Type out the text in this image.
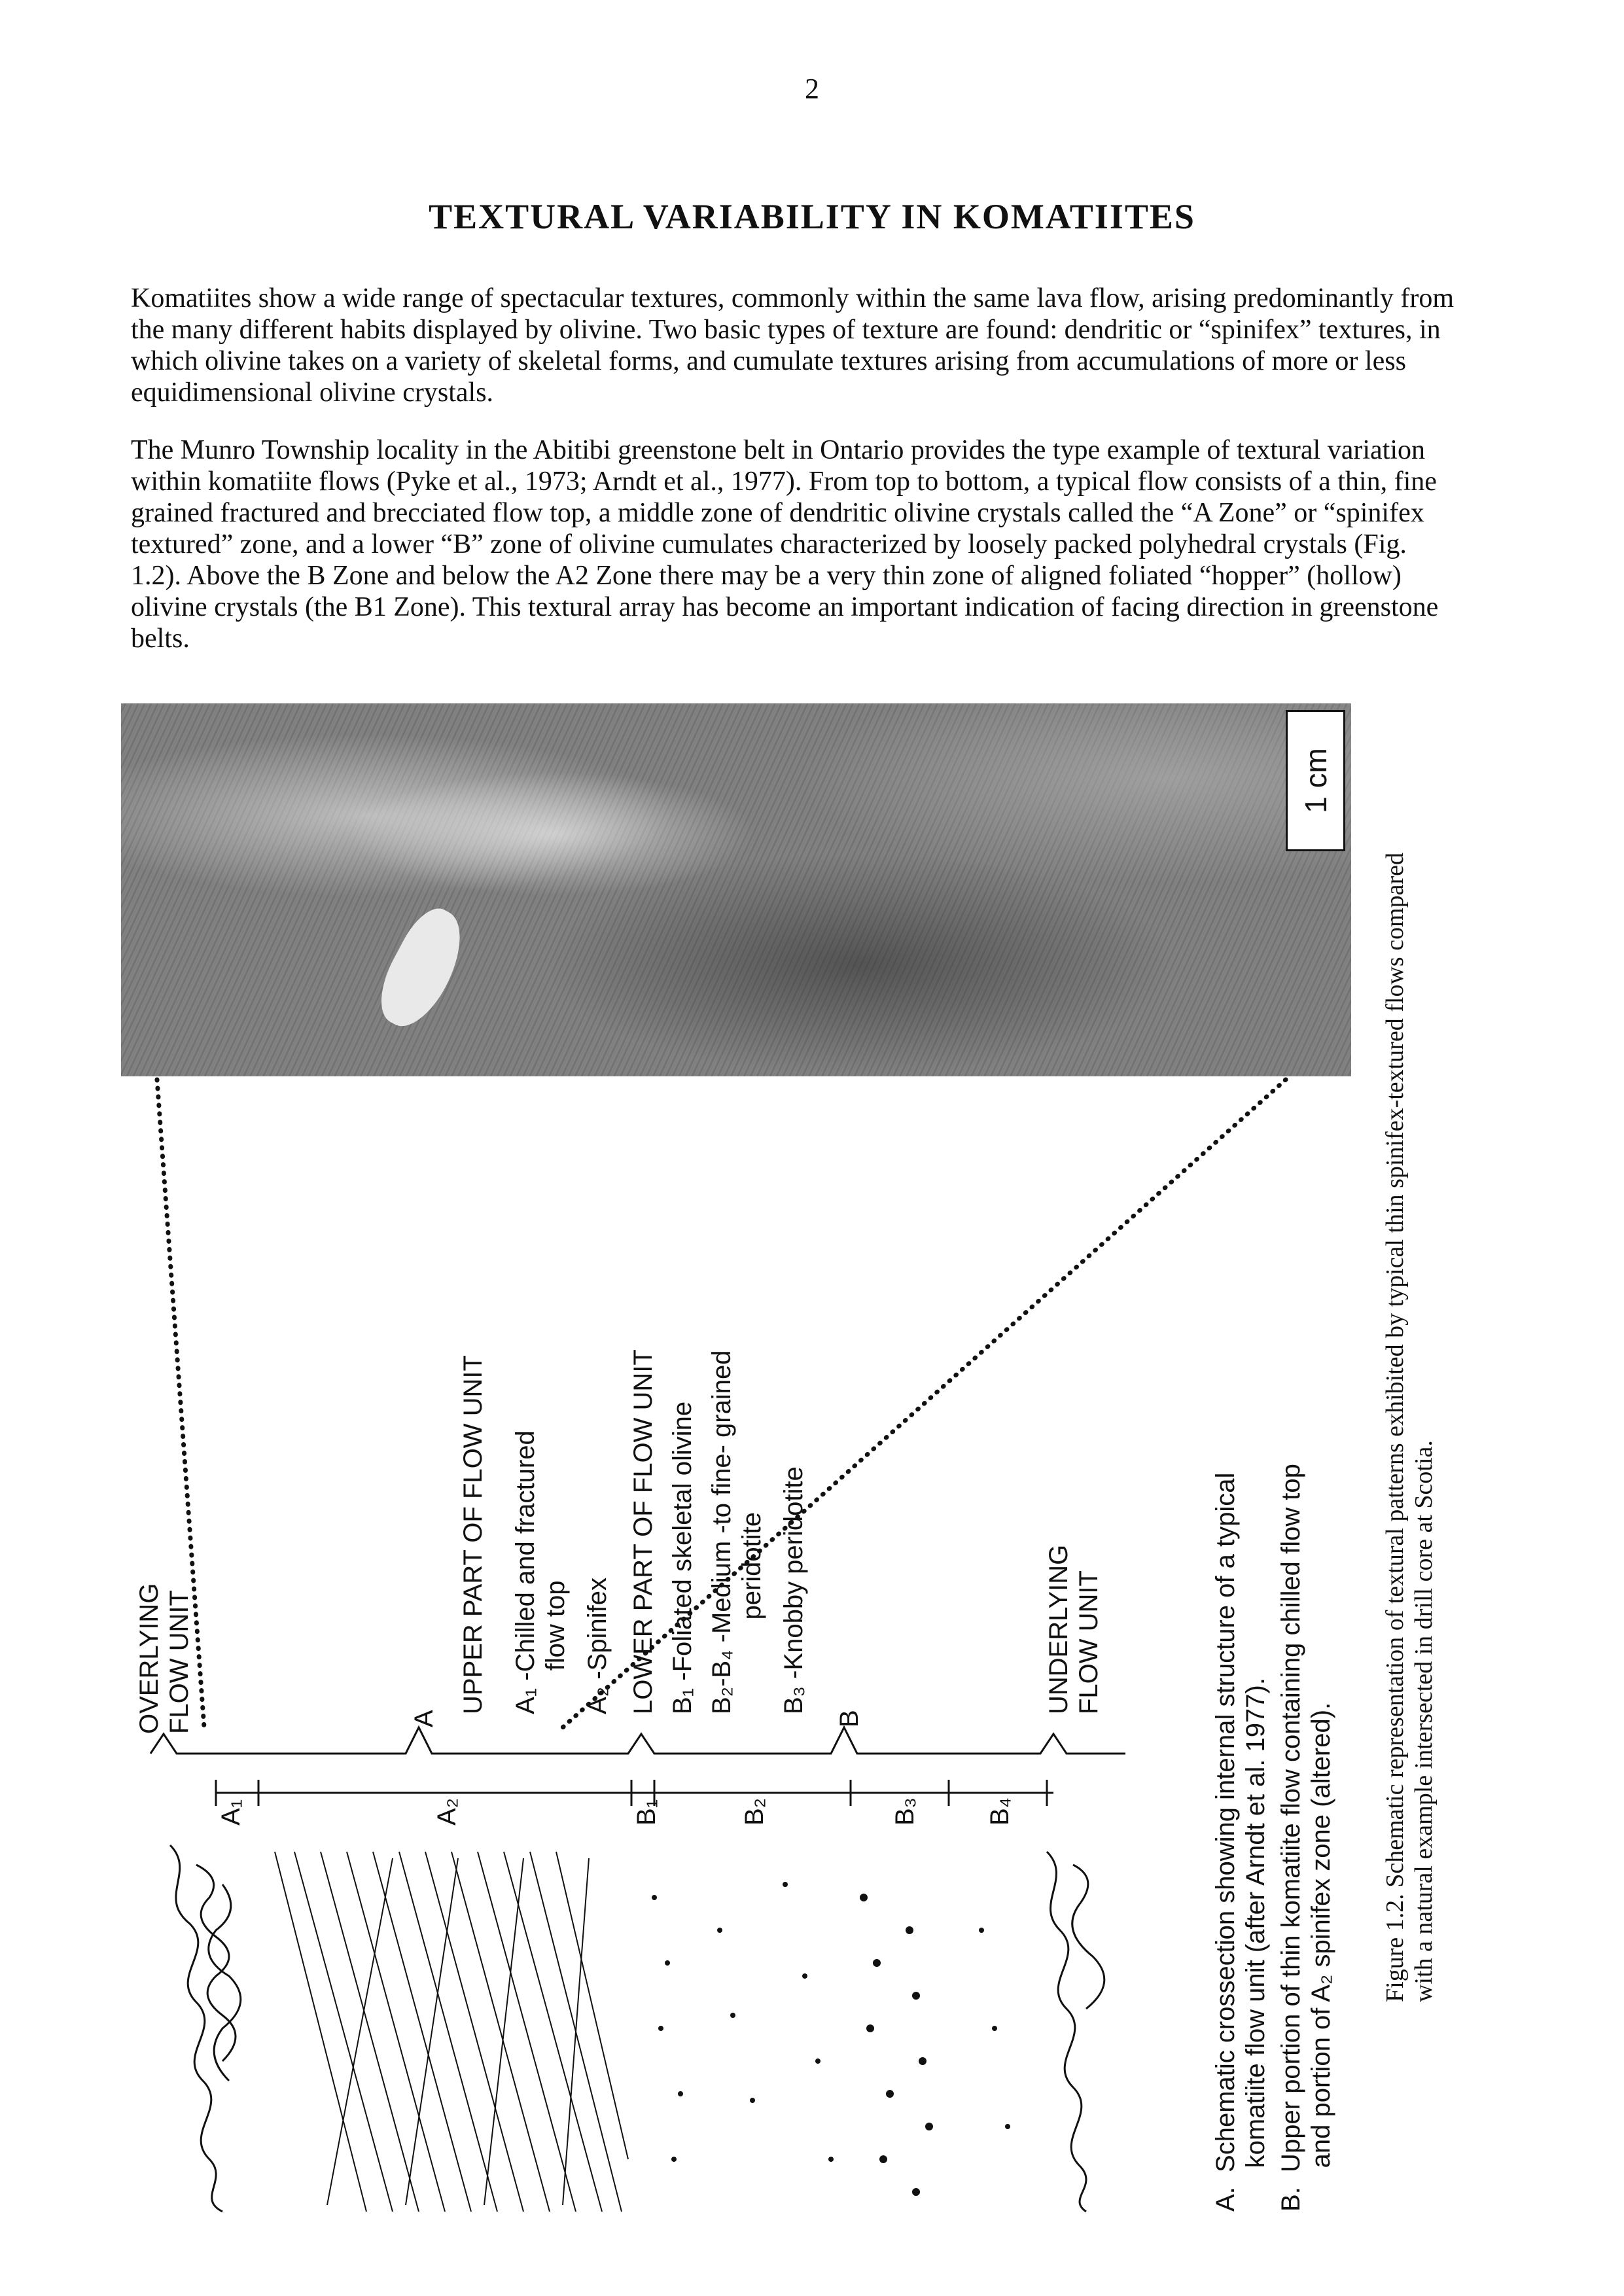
2
TEXTURAL VARIABILITY IN KOMATIITES
Komatiites show a wide range of spectacular textures, commonly within the same lava flow, arising predominantly from the many different habits displayed by olivine. Two basic types of texture are found: dendritic or “spinifex” textures, in which olivine takes on a variety of skeletal forms, and cumulate textures arising from accumulations of more or less equidimensional olivine crystals.
The Munro Township locality in the Abitibi greenstone belt in Ontario provides the type example of textural variation within komatiite flows (Pyke et al., 1973; Arndt et al., 1977). From top to bottom, a typical flow consists of a thin, fine grained fractured and brecciated flow top, a middle zone of dendritic olivine crystals called the “A Zone” or “spinifex textured” zone, and a lower “B” zone of olivine cumulates characterized by loosely packed polyhedral crystals (Fig. 1.2). Above the B Zone and below the A2 Zone there may be a very thin zone of aligned foliated “hopper” (hollow) olivine crystals (the B1 Zone). This textural array has become an important indication of facing direction in greenstone belts.
1 cm
OVERLYING
FLOW UNIT
A
UPPER PART OF FLOW UNIT A₁ -Chilled and fractured
flow top A₂ -Spinifex LOWER PART OF FLOW UNIT B₁ -Foliated skeletal olivine B₂-B₄ -Medium -to fine- grained
peridotite B₃ -Knobby peridotite
B
UNDERLYING
FLOW UNIT
A₁	A₂	B₁	B₂	B₃	B₄
A.  Schematic crossection showing internal structure of a typical
komatiite flow unit (after Arndt et al. 1977).
B.  Upper portion of thin komatiite flow containing chilled flow top
and portion of A₂ spinifex zone (altered).
Figure 1.2. Schematic representation of textural patterns exhibited by typical thin spinifex-textured flows compared
with a natural example intersected in drill core at Scotia.
